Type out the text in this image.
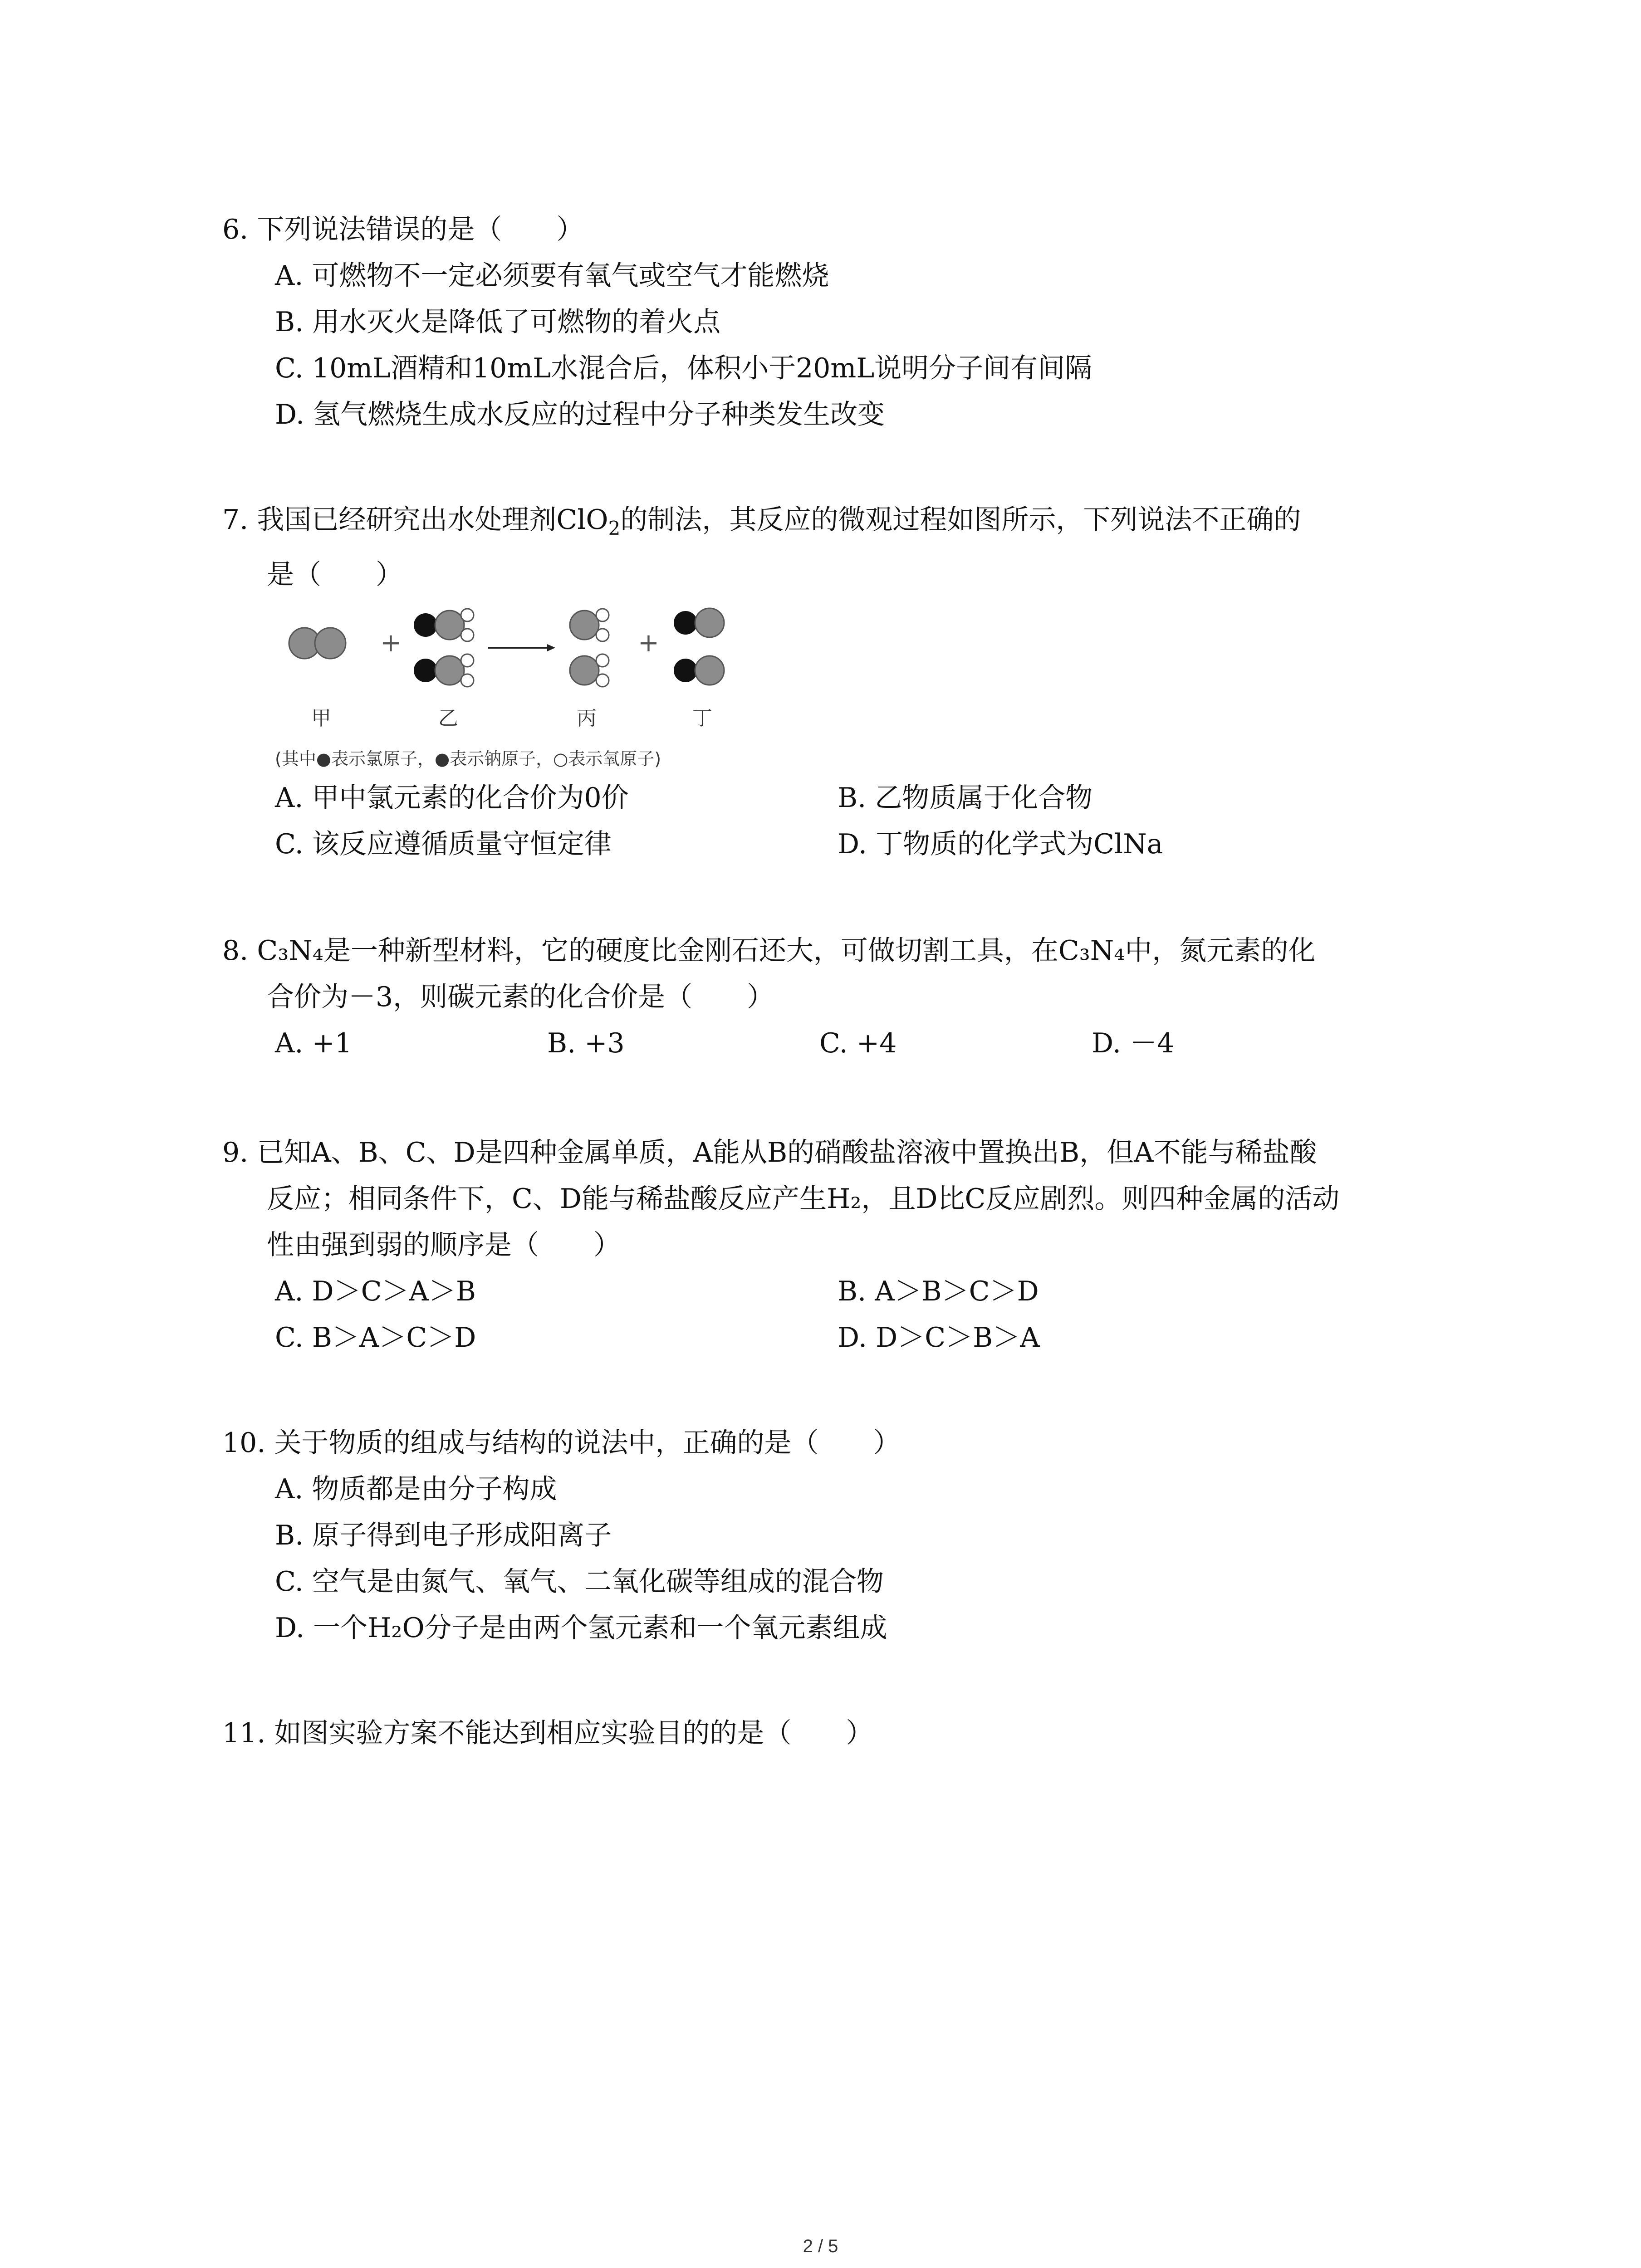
6. 下列说法错误的是（　　）
A. 可燃物不一定必须要有氧气或空气才能燃烧
B. 用水灭火是降低了可燃物的着火点
C. 10mL酒精和10mL水混合后，体积小于20mL说明分子间有间隔
D. 氢气燃烧生成水反应的过程中分子种类发生改变
7. 我国已经研究出水处理剂ClO$_2$的制法，其反应的微观过程如图所示，下列说法不正确的
是（　　）
+	+
甲	乙	丙	丁
(其中●表示氯原子，●表示钠原子，○表示氧原子)
A. 甲中氯元素的化合价为0价	B. 乙物质属于化合物
C. 该反应遵循质量守恒定律	D. 丁物质的化学式为ClNa
8. C₃N₄是一种新型材料，它的硬度比金刚石还大，可做切割工具，在C₃N₄中，氮元素的化
合价为－3，则碳元素的化合价是（　　）
A. +1	B. +3	C. +4	D. －4
9. 已知A、B、C、D是四种金属单质，A能从B的硝酸盐溶液中置换出B，但A不能与稀盐酸
反应；相同条件下，C、D能与稀盐酸反应产生H₂，且D比C反应剧烈。则四种金属的活动
性由强到弱的顺序是（　　）
A. D＞C＞A＞B	B. A＞B＞C＞D
C. B＞A＞C＞D	D. D＞C＞B＞A
10. 关于物质的组成与结构的说法中，正确的是（　　）
A. 物质都是由分子构成
B. 原子得到电子形成阳离子
C. 空气是由氮气、氧气、二氧化碳等组成的混合物
D. 一个H₂O分子是由两个氢元素和一个氧元素组成
11. 如图实验方案不能达到相应实验目的的是（　　）
2 / 5
